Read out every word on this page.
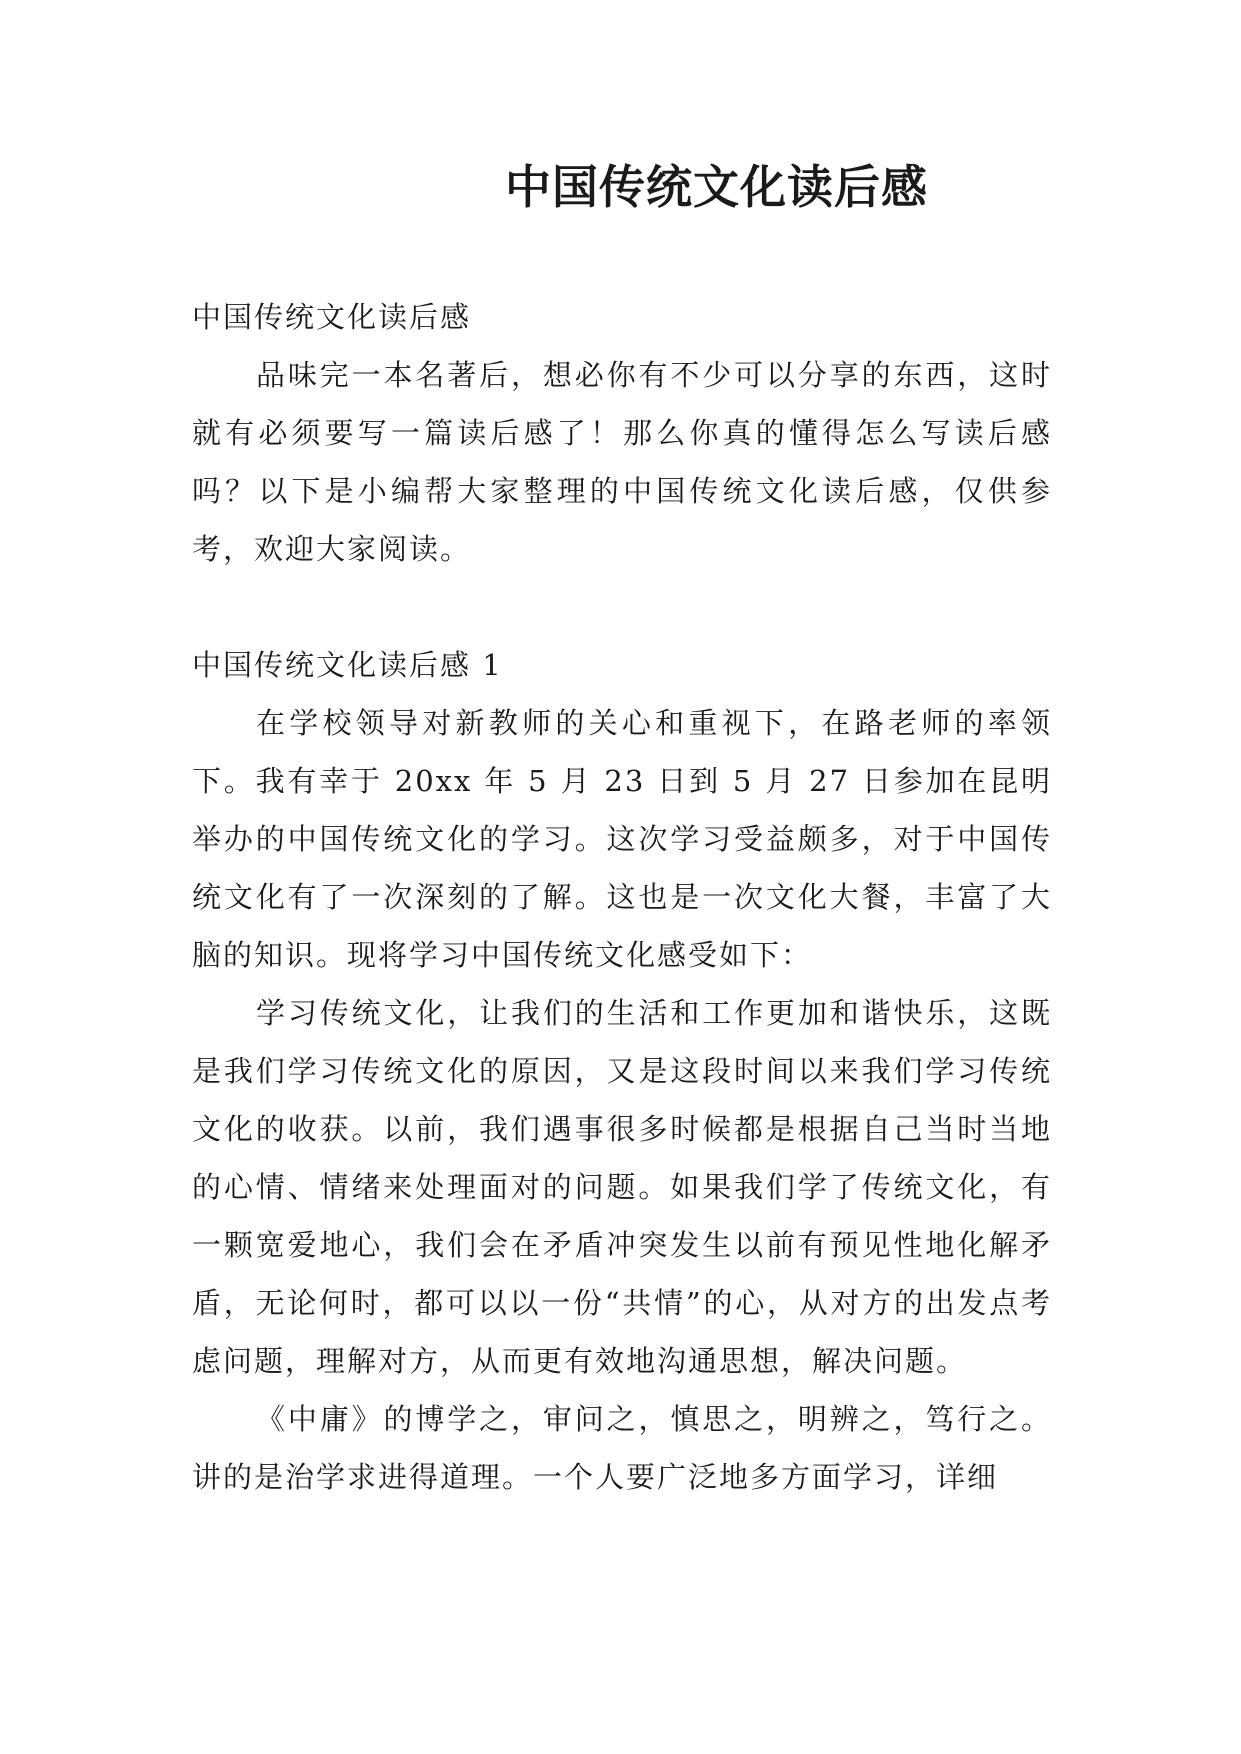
中国传统文化读后感

中国传统文化读后感

品味完一本名著后，想必你有不少可以分享的东西，这时就有必须要写一篇读后感了！那么你真的懂得怎么写读后感吗？以下是小编帮大家整理的中国传统文化读后感，仅供参考，欢迎大家阅读。

中国传统文化读后感 1

在学校领导对新教师的关心和重视下，在路老师的率领下。我有幸于 20xx 年 5 月 23 日到 5 月 27 日参加在昆明举办的中国传统文化的学习。这次学习受益颇多，对于中国传统文化有了一次深刻的了解。这也是一次文化大餐，丰富了大脑的知识。现将学习中国传统文化感受如下：

学习传统文化，让我们的生活和工作更加和谐快乐，这既是我们学习传统文化的原因，又是这段时间以来我们学习传统文化的收获。以前，我们遇事很多时候都是根据自己当时当地的心情、情绪来处理面对的问题。如果我们学了传统文化，有一颗宽爱地心，我们会在矛盾冲突发生以前有预见性地化解矛盾，无论何时，都可以以一份“共情”的心，从对方的出发点考虑问题，理解对方，从而更有效地沟通思想，解决问题。

《中庸》的博学之，审问之，慎思之，明辨之，笃行之。讲的是治学求进得道理。一个人要广泛地多方面学习，详细
